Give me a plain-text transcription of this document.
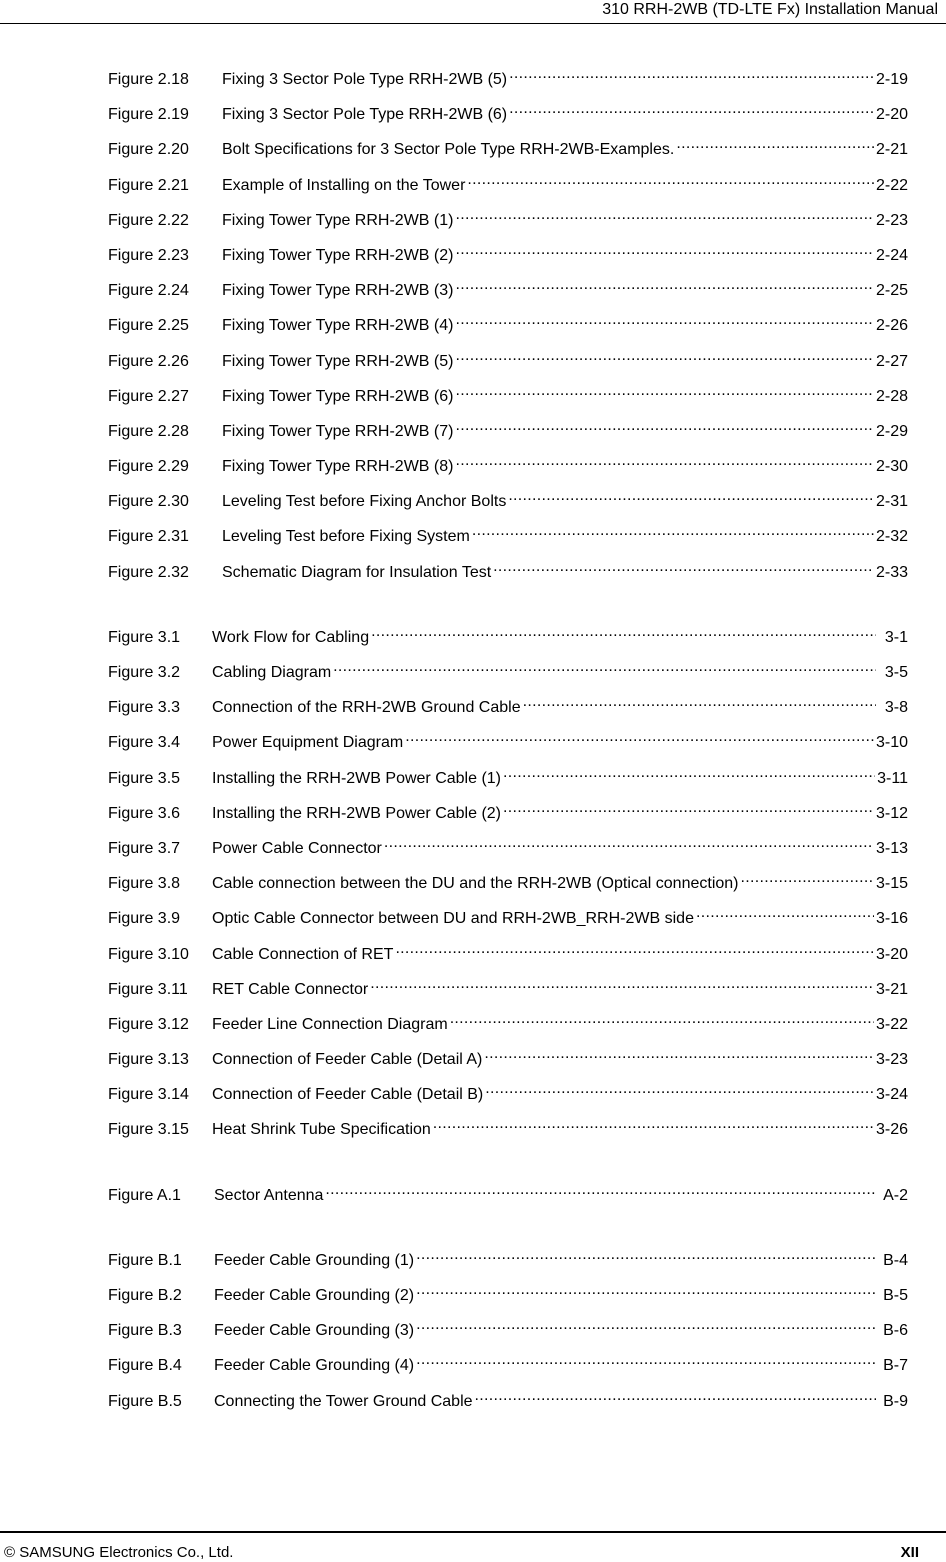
310 RRH-2WB (TD-LTE Fx) Installation Manual
Figure 2.18	Fixing 3 Sector Pole Type RRH-2WB (5) .....	2-19
Figure 2.19	Fixing 3 Sector Pole Type RRH-2WB (6) .....	2-20
Figure 2.20	Bolt Specifications for 3 Sector Pole Type RRH-2WB-Examples. .....	2-21
Figure 2.21	Example of Installing on the Tower .....	2-22
Figure 2.22	Fixing Tower Type RRH-2WB (1) .....	2-23
Figure 2.23	Fixing Tower Type RRH-2WB (2) .....	2-24
Figure 2.24	Fixing Tower Type RRH-2WB (3) .....	2-25
Figure 2.25	Fixing Tower Type RRH-2WB (4) .....	2-26
Figure 2.26	Fixing Tower Type RRH-2WB (5) .....	2-27
Figure 2.27	Fixing Tower Type RRH-2WB (6) .....	2-28
Figure 2.28	Fixing Tower Type RRH-2WB (7) .....	2-29
Figure 2.29	Fixing Tower Type RRH-2WB (8) .....	2-30
Figure 2.30	Leveling Test before Fixing Anchor Bolts .....	2-31
Figure 2.31	Leveling Test before Fixing System .....	2-32
Figure 2.32	Schematic Diagram for Insulation Test .....	2-33
Figure 3.1	Work Flow for Cabling .....	3-1
Figure 3.2	Cabling Diagram .....	3-5
Figure 3.3	Connection of the RRH-2WB Ground Cable .....	3-8
Figure 3.4	Power Equipment Diagram .....	3-10
Figure 3.5	Installing the RRH-2WB Power Cable (1) .....	3-11
Figure 3.6	Installing the RRH-2WB Power Cable (2) .....	3-12
Figure 3.7	Power Cable Connector .....	3-13
Figure 3.8	Cable connection between the DU and the RRH-2WB (Optical connection) .....	3-15
Figure 3.9	Optic Cable Connector between DU and RRH-2WB_RRH-2WB side .....	3-16
Figure 3.10	Cable Connection of RET .....	3-20
Figure 3.11	RET Cable Connector .....	3-21
Figure 3.12	Feeder Line Connection Diagram .....	3-22
Figure 3.13	Connection of Feeder Cable (Detail A) .....	3-23
Figure 3.14	Connection of Feeder Cable (Detail B) .....	3-24
Figure 3.15	Heat Shrink Tube Specification .....	3-26
Figure A.1	Sector Antenna .....	A-2
Figure B.1	Feeder Cable Grounding (1) .....	B-4
Figure B.2	Feeder Cable Grounding (2) .....	B-5
Figure B.3	Feeder Cable Grounding (3) .....	B-6
Figure B.4	Feeder Cable Grounding (4) .....	B-7
Figure B.5	Connecting the Tower Ground Cable .....	B-9
© SAMSUNG Electronics Co., Ltd.	XII
